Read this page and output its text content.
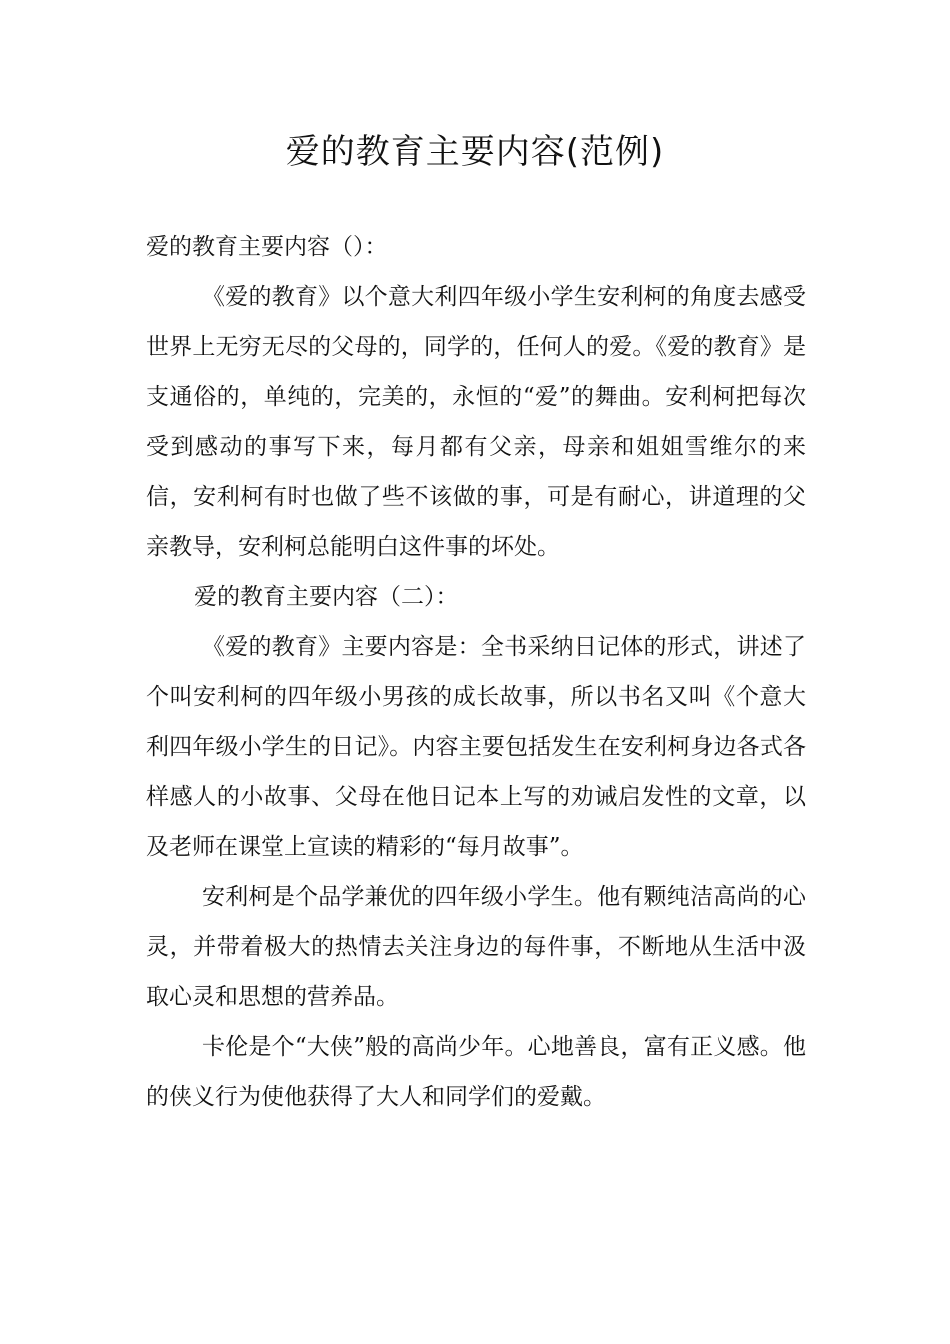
爱的教育主要内容(范例)

爱的教育主要内容（）：

《爱的教育》以个意大利四年级小学生安利柯的角度去感受世界上无穷无尽的父母的，同学的，任何人的爱。《爱的教育》是支通俗的，单纯的，完美的，永恒的“爱”的舞曲。安利柯把每次受到感动的事写下来，每月都有父亲，母亲和姐姐雪维尔的来信，安利柯有时也做了些不该做的事，可是有耐心，讲道理的父亲教导，安利柯总能明白这件事的坏处。

爱的教育主要内容（二）：

《爱的教育》主要内容是：全书采纳日记体的形式，讲述了个叫安利柯的四年级小男孩的成长故事，所以书名又叫《个意大利四年级小学生的日记》。内容主要包括发生在安利柯身边各式各样感人的小故事、父母在他日记本上写的劝诫启发性的文章，以及老师在课堂上宣读的精彩的“每月故事”。

安利柯是个品学兼优的四年级小学生。他有颗纯洁高尚的心灵，并带着极大的热情去关注身边的每件事，不断地从生活中汲取心灵和思想的营养品。

卡伦是个“大侠”般的高尚少年。心地善良，富有正义感。他的侠义行为使他获得了大人和同学们的爱戴。
